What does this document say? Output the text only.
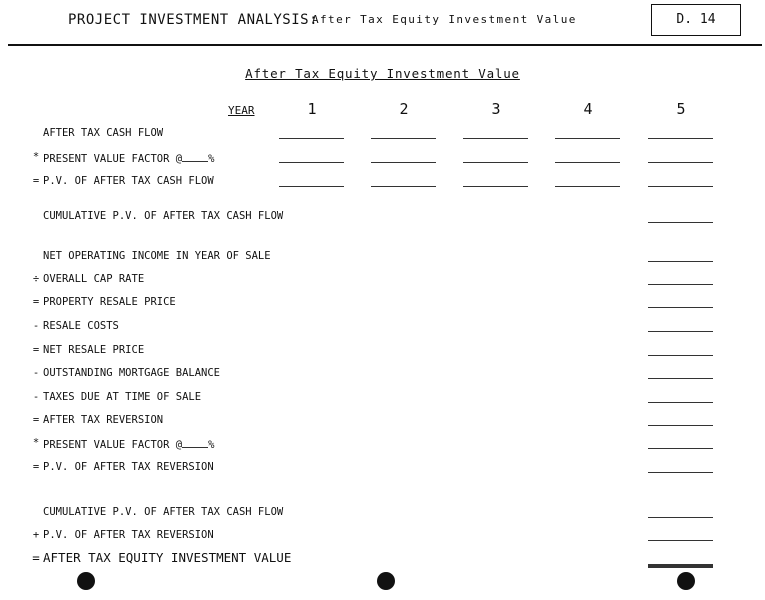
PROJECT INVESTMENT ANALYSIS:
After Tax Equity Investment Value	D. 14
After Tax Equity Investment Value
YEAR	1	2	3	4	5
AFTER TAX CASH FLOW
* PRESENT VALUE FACTOR @ %
= P.V. OF AFTER TAX CASH FLOW
CUMULATIVE P.V. OF AFTER TAX CASH FLOW
NET OPERATING INCOME IN YEAR OF SALE
÷ OVERALL CAP RATE
= PROPERTY RESALE PRICE
- RESALE COSTS
= NET RESALE PRICE
- OUTSTANDING MORTGAGE BALANCE
- TAXES DUE AT TIME OF SALE
= AFTER TAX REVERSION
* PRESENT VALUE FACTOR @ %
= P.V. OF AFTER TAX REVERSION
CUMULATIVE P.V. OF AFTER TAX CASH FLOW
+ P.V. OF AFTER TAX REVERSION
= AFTER TAX EQUITY INVESTMENT VALUE
